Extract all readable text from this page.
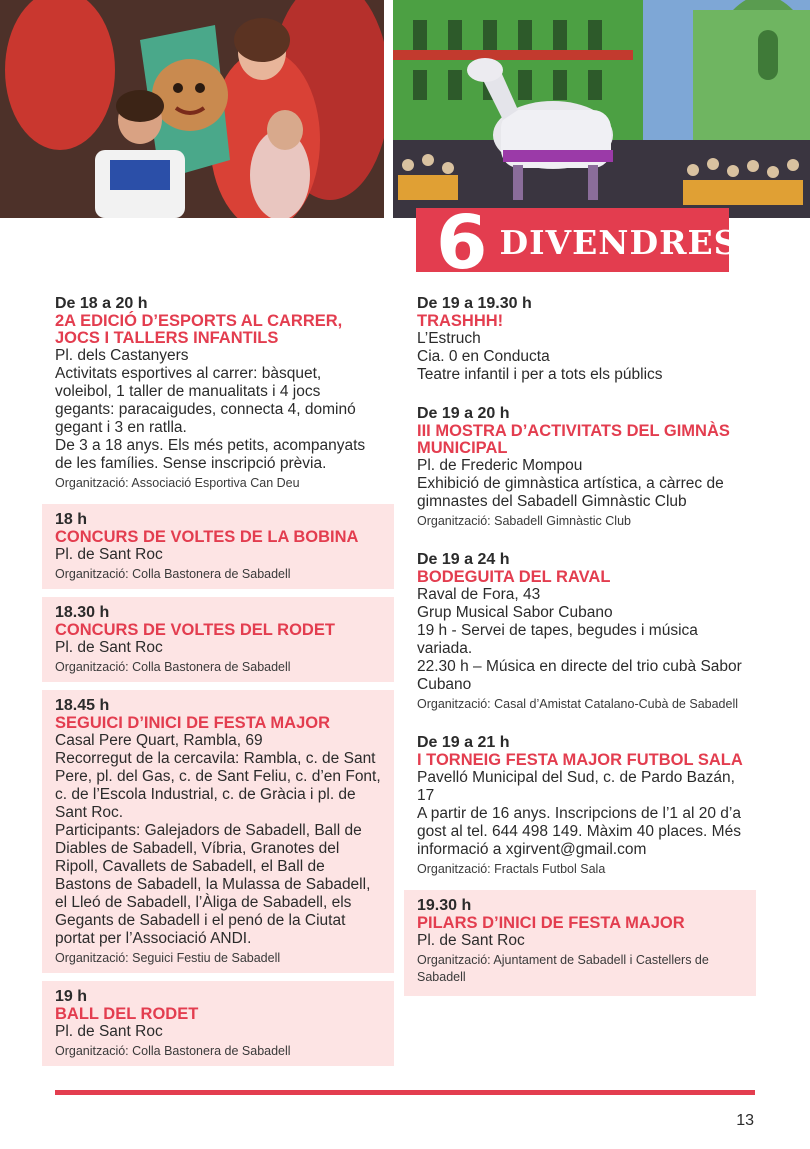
6 DIVENDRES
De 18 a 20 h
2A EDICIÓ D’ESPORTS AL CARRER, JOCS I TALLERS INFANTILS
Pl. dels Castanyers
Activitats esportives al carrer: bàsquet, voleibol, 1 taller de manualitats i 4 jocs gegants: paracaigudes, connecta 4, dominó gegant i 3 en ratlla.
De 3 a 18 anys. Els més petits, acompanyats de les famílies. Sense inscripció prèvia.
Organització: Associació Esportiva Can Deu
18 h
CONCURS DE VOLTES DE LA BOBINA
Pl. de Sant Roc
Organització: Colla Bastonera de Sabadell
18.30 h
CONCURS DE VOLTES DEL RODET
Pl. de Sant Roc
Organització: Colla Bastonera de Sabadell
18.45 h
SEGUICI D’INICI DE FESTA MAJOR
Casal Pere Quart, Rambla, 69
Recorregut de la cercavila: Rambla, c. de Sant Pere, pl. del Gas, c. de Sant Feliu, c. d’en Font, c. de l’Escola Industrial, c. de Gràcia i pl. de Sant Roc.
Participants: Galejadors de Sabadell, Ball de Diables de Sabadell, Víbria, Granotes del Ripoll, Cavallets de Sabadell, el Ball de Bastons de Sabadell, la Mulassa de Sabadell, el Lleó de Sabadell, l’Àliga de Sabadell, els Gegants de Sabadell i el penó de la Ciutat portat per l’Associació ANDI.
Organització: Seguici Festiu de Sabadell
19 h
BALL DEL RODET
Pl. de Sant Roc
Organització: Colla Bastonera de Sabadell
De 19 a 19.30 h
TRASHHH!
L’Estruch
Cia. 0 en Conducta
Teatre infantil i per a tots els públics
De 19 a 20 h
III MOSTRA D’ACTIVITATS DEL GIMNÀS MUNICIPAL
Pl. de Frederic Mompou
Exhibició de gimnàstica artística, a càrrec de gimnastes del Sabadell Gimnàstic Club
Organització: Sabadell Gimnàstic Club
De 19 a 24 h
BODEGUITA DEL RAVAL
Raval de Fora, 43
Grup Musical Sabor Cubano
19 h - Servei de tapes, begudes i música variada.
22.30 h – Música en directe del trio cubà Sabor Cubano
Organització: Casal d’Amistat Catalano-Cubà de Sabadell
De 19 a 21 h
I TORNEIG FESTA MAJOR FUTBOL SALA
Pavelló Municipal del Sud, c. de Pardo Bazán, 17
A partir de 16 anys. Inscripcions de l’1 al 20 d’agost al tel. 644 498 149. Màxim 40 places. Més informació a xgirvent@gmail.com
Organització: Fractals Futbol Sala
19.30 h
PILARS D’INICI DE FESTA MAJOR
Pl. de Sant Roc
Organització: Ajuntament de Sabadell i Castellers de Sabadell
13
